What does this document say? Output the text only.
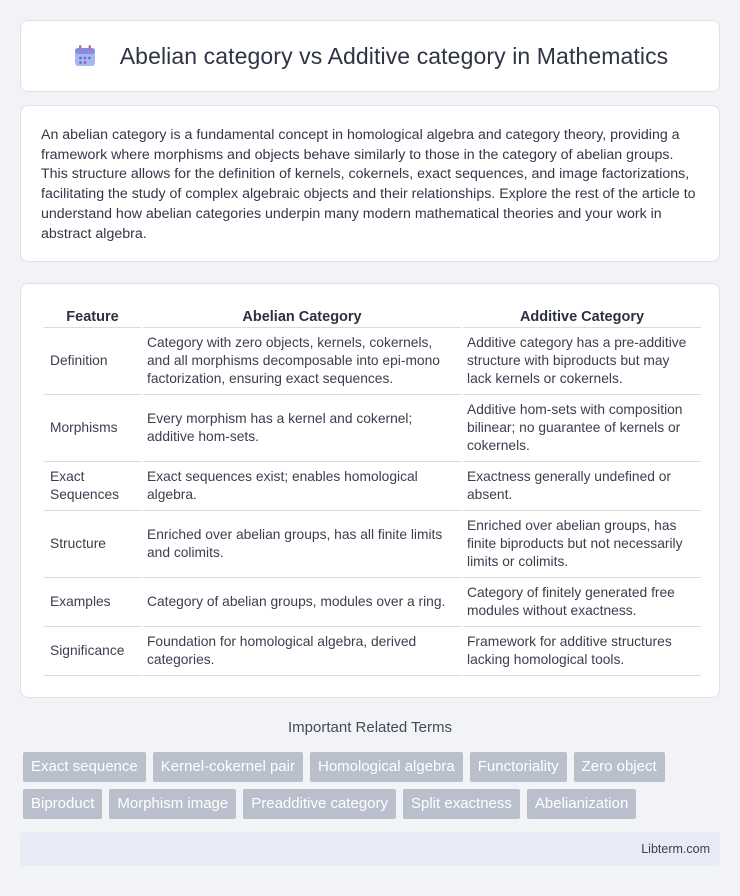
Abelian category vs Additive category in Mathematics

An abelian category is a fundamental concept in homological algebra and category theory, providing a framework where morphisms and objects behave similarly to those in the category of abelian groups. This structure allows for the definition of kernels, cokernels, exact sequences, and image factorizations, facilitating the study of complex algebraic objects and their relationships. Explore the rest of the article to understand how abelian categories underpin many modern mathematical theories and your work in abstract algebra.

Feature	Abelian Category	Additive Category
Definition	Category with zero objects, kernels, cokernels, and all morphisms decomposable into epi-mono factorization, ensuring exact sequences.	Additive category has a pre-additive structure with biproducts but may lack kernels or cokernels.
Morphisms	Every morphism has a kernel and cokernel; additive hom-sets.	Additive hom-sets with composition bilinear; no guarantee of kernels or cokernels.
Exact Sequences	Exact sequences exist; enables homological algebra.	Exactness generally undefined or absent.
Structure	Enriched over abelian groups, has all finite limits and colimits.	Enriched over abelian groups, has finite biproducts but not necessarily limits or colimits.
Examples	Category of abelian groups, modules over a ring.	Category of finitely generated free modules without exactness.
Significance	Foundation for homological algebra, derived categories.	Framework for additive structures lacking homological tools.
Important Related Terms
Exact sequence	Kernel-cokernel pair	Homological algebra	Functoriality	Zero object
Biproduct	Morphism image	Preadditive category	Split exactness	Abelianization
Libterm.com
